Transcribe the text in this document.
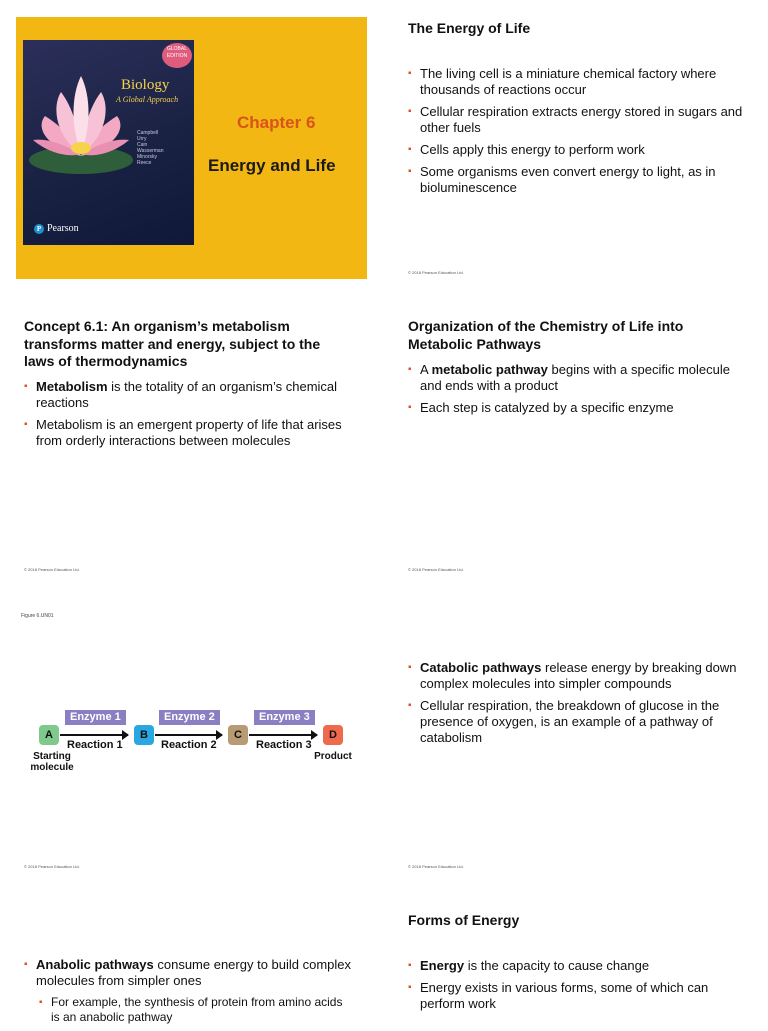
GLOBAL EDITION
Biology
A Global Approach
Campbell
Urry
Cain
Wasserman
Minorsky
Reece
P Pearson
Chapter 6
Energy and Life
The Energy of Life
▪ The living cell is a miniature chemical factory where thousands of reactions occur
▪ Cellular respiration extracts energy stored in sugars and other fuels
▪ Cells apply this energy to perform work
▪ Some organisms even convert energy to light, as in bioluminescence
© 2018 Pearson Education Ltd.
Concept 6.1: An organism’s metabolism transforms matter and energy, subject to the laws of thermodynamics
▪ Metabolism is the totality of an organism’s chemical reactions
▪ Metabolism is an emergent property of life that arises from orderly interactions between molecules
© 2018 Pearson Education Ltd.
Organization of the Chemistry of Life into Metabolic Pathways
▪ A metabolic pathway begins with a specific molecule and ends with a product
▪ Each step is catalyzed by a specific enzyme
© 2018 Pearson Education Ltd.
Figure 6.UN01
Enzyme 1	Enzyme 2	Enzyme 3
A	B	C	D
Reaction 1	Reaction 2	Reaction 3
Starting molecule
Product
© 2018 Pearson Education Ltd.
▪ Catabolic pathways release energy by breaking down complex molecules into simpler compounds
▪ Cellular respiration, the breakdown of glucose in the presence of oxygen, is an example of a pathway of catabolism
© 2018 Pearson Education Ltd.
▪ Anabolic pathways consume energy to build complex molecules from simpler ones
▪ For example, the synthesis of protein from amino acids is an anabolic pathway
Forms of Energy
▪ Energy is the capacity to cause change
▪ Energy exists in various forms, some of which can perform work
